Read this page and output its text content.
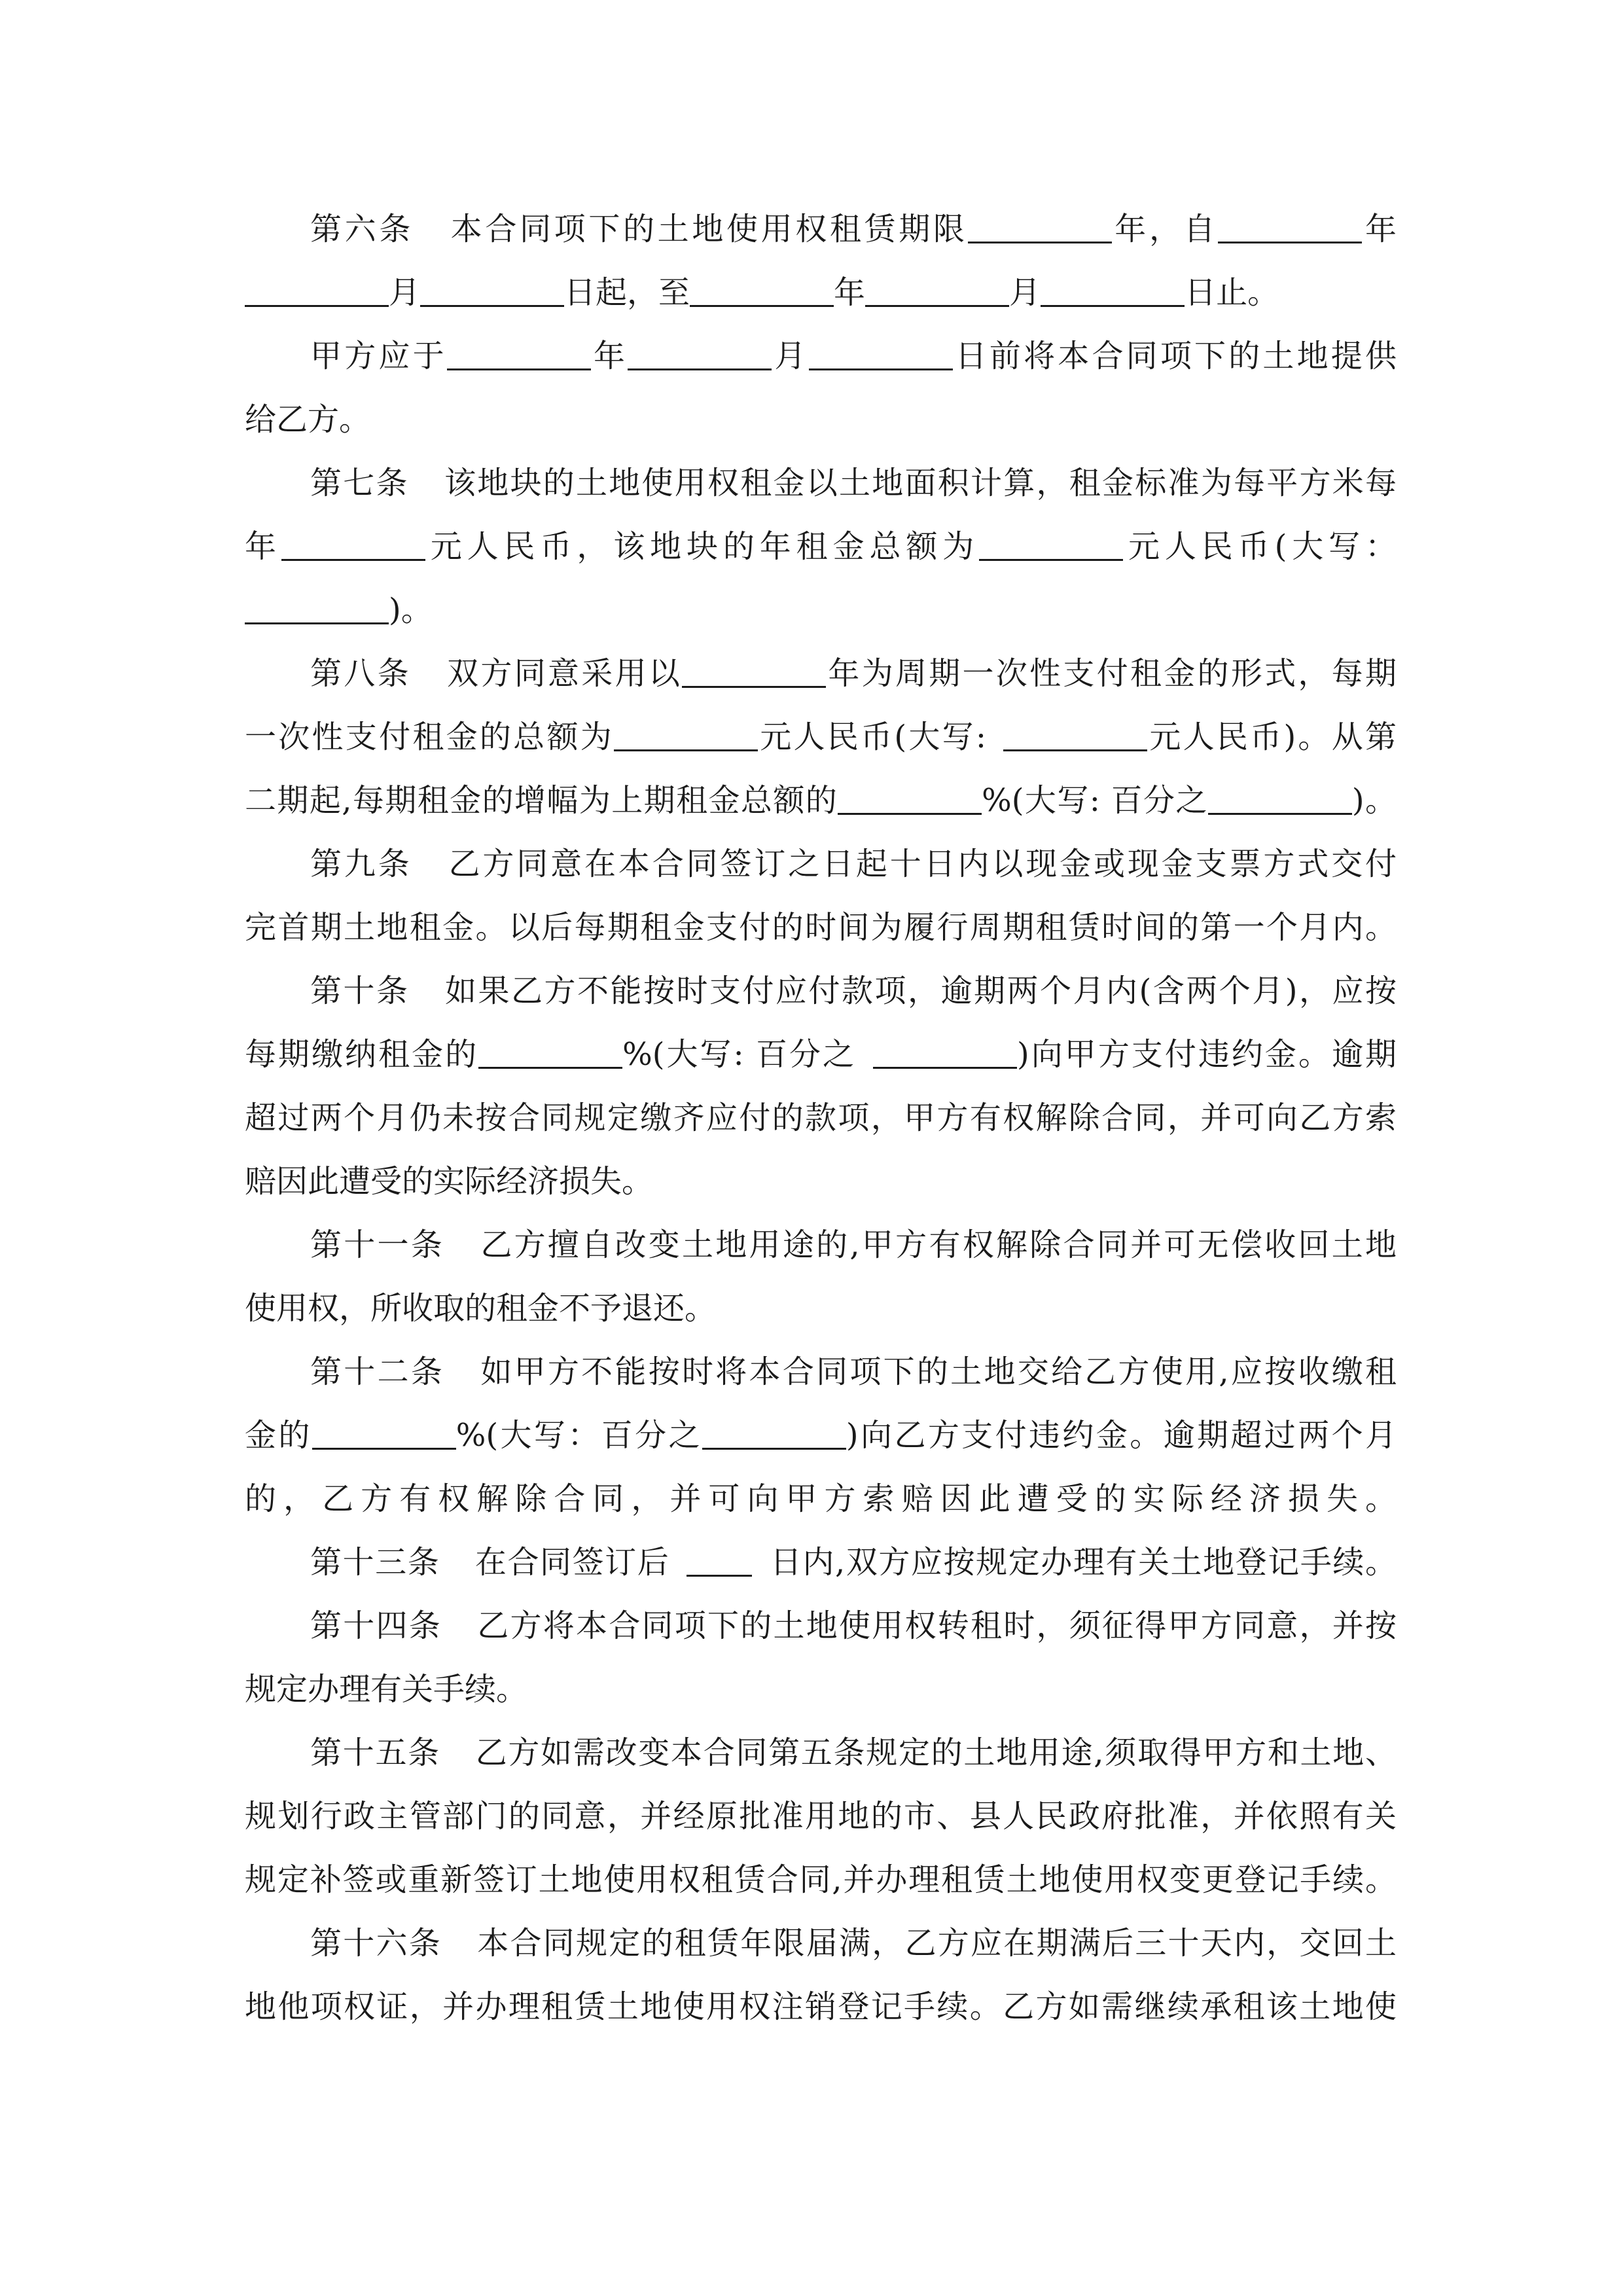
第六条 本合同项下的土地使用权租赁期限	年，自	年
月	日起，至	年	月	日止。
甲方应于	年	月	日前将本合同项下的土地提供
给乙方。
第七条 该地块的土地使用权租金以土地面积计算，租金标准为每平方米每
年	元人民币，该地块的年租金总额为	元人民币(大写：
)。
第八条 双方同意采用以	年为周期一次性支付租金的形式，每期
一次性支付租金的总额为	元人民币(大写:	元人民币)。从第
二期起,每期租金的增幅为上期租金总额的	%(大写: 百分之	)。
第九条 乙方同意在本合同签订之日起十日内以现金或现金支票方式交付
完首期土地租金。以后每期租金支付的时间为履行周期租赁时间的第一个月内。
第十条 如果乙方不能按时支付应付款项，逾期两个月内(含两个月)，应按
每期缴纳租金的	%(大写: 百分之	)向甲方支付违约金。逾期
超过两个月仍未按合同规定缴齐应付的款项，甲方有权解除合同，并可向乙方索
赔因此遭受的实际经济损失。
第十一条 乙方擅自改变土地用途的,甲方有权解除合同并可无偿收回土地
使用权，所收取的租金不予退还。
第十二条 如甲方不能按时将本合同项下的土地交给乙方使用,应按收缴租
金的	%(大写：百分之	)向乙方支付违约金。逾期超过两个月
的，乙方有权解除合同，并可向甲方索赔因此遭受的实际经济损失。
第十三条 在合同签订后	日内,双方应按规定办理有关土地登记手续。
第十四条 乙方将本合同项下的土地使用权转租时，须征得甲方同意，并按
规定办理有关手续。
第十五条 乙方如需改变本合同第五条规定的土地用途,须取得甲方和土地、
规划行政主管部门的同意，并经原批准用地的市、县人民政府批准，并依照有关
规定补签或重新签订土地使用权租赁合同,并办理租赁土地使用权变更登记手续。
第十六条 本合同规定的租赁年限届满，乙方应在期满后三十天内，交回土
地他项权证，并办理租赁土地使用权注销登记手续。乙方如需继续承租该土地使
